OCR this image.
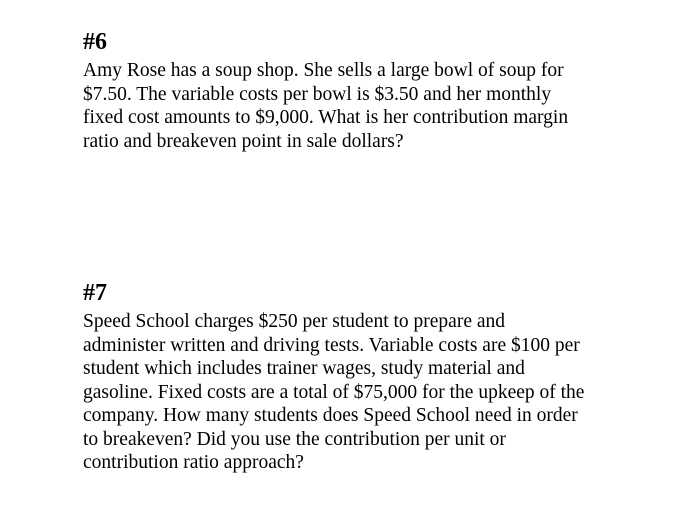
#6

Amy Rose has a soup shop. She sells a large bowl of soup for
$7.50. The variable costs per bowl is $3.50 and her monthly
fixed cost amounts to $9,000. What is her contribution margin
ratio and breakeven point in sale dollars?

#7

Speed School charges $250 per student to prepare and
administer written and driving tests. Variable costs are $100 per
student which includes trainer wages, study material and
gasoline. Fixed costs are a total of $75,000 for the upkeep of the
company. How many students does Speed School need in order
to breakeven? Did you use the contribution per unit or
contribution ratio approach?
